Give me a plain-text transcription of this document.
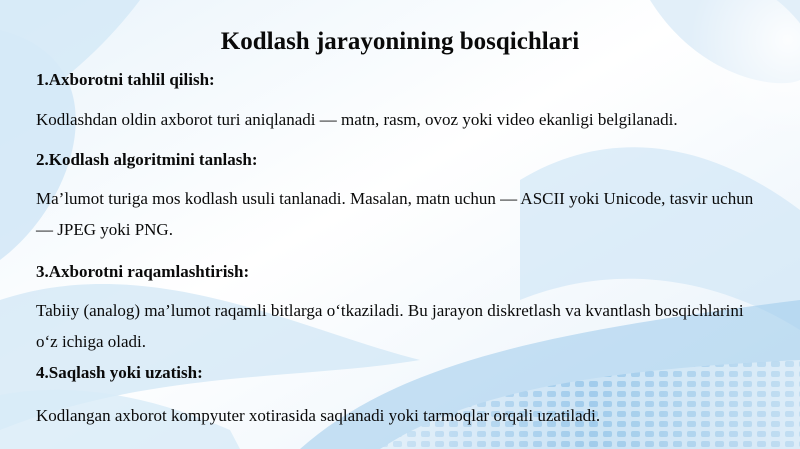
Kodlash jarayonining bosqichlari
1.Axborotni tahlil qilish:
Kodlashdan oldin axborot turi aniqlanadi — matn, rasm, ovoz yoki video ekanligi belgilanadi.
2.Kodlash algoritmini tanlash:
Ma’lumot turiga mos kodlash usuli tanlanadi. Masalan, matn uchun — ASCII yoki Unicode, tasvir uchun — JPEG yoki PNG.
3.Axborotni raqamlashtirish:
Tabiiy (analog) ma’lumot raqamli bitlarga o‘tkaziladi. Bu jarayon diskretlash va kvantlash bosqichlarini o‘z ichiga oladi.
4.Saqlash yoki uzatish:
Kodlangan axborot kompyuter xotirasida saqlanadi yoki tarmoqlar orqali uzatiladi.
